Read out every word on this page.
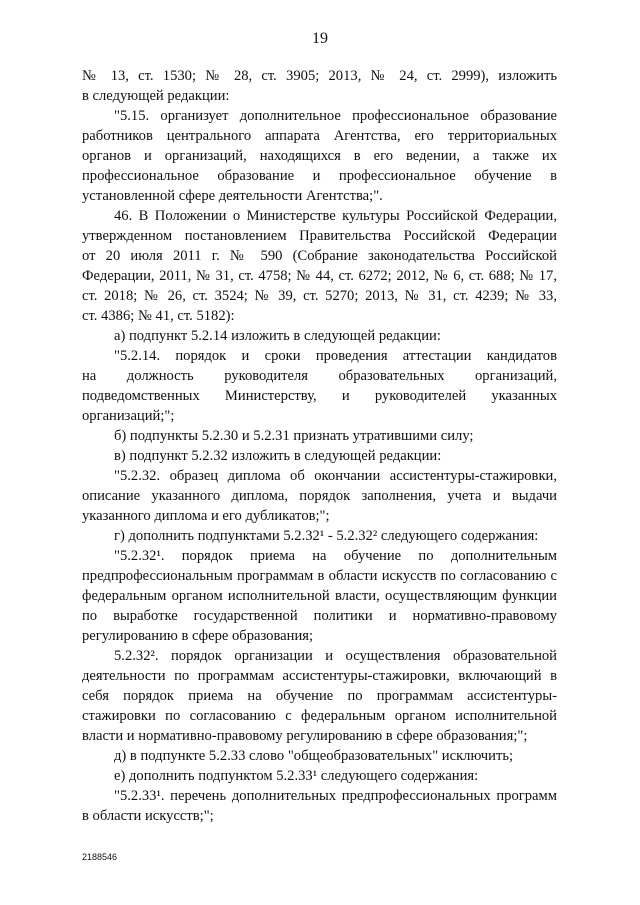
19

№ 13, ст. 1530; № 28, ст. 3905; 2013, № 24, ст. 2999), изложить

в следующей редакции:

"5.15. организует дополнительное профессиональное образование

работников центрального аппарата Агентства, его территориальных

органов и организаций, находящихся в его ведении, а также их

профессиональное образование и профессиональное обучение в

установленной сфере деятельности Агентства;".

46. В Положении о Министерстве культуры Российской Федерации,

утвержденном постановлением Правительства Российской Федерации

от 20 июля 2011 г. № 590 (Собрание законодательства Российской

Федерации, 2011, № 31, ст. 4758; № 44, ст. 6272; 2012, № 6, ст. 688; № 17,

ст. 2018; № 26, ст. 3524; № 39, ст. 5270; 2013, № 31, ст. 4239; № 33,

ст. 4386; № 41, ст. 5182):

а) подпункт 5.2.14 изложить в следующей редакции:

"5.2.14. порядок и сроки проведения аттестации кандидатов

на должность руководителя образовательных организаций,

подведомственных Министерству, и руководителей указанных

организаций;";

б) подпункты 5.2.30 и 5.2.31 признать утратившими силу;

в) подпункт 5.2.32 изложить в следующей редакции:

"5.2.32. образец диплома об окончании ассистентуры-стажировки,

описание указанного диплома, порядок заполнения, учета и выдачи

указанного диплома и его дубликатов;";

г) дополнить подпунктами 5.2.32¹ - 5.2.32² следующего содержания:

"5.2.32¹. порядок приема на обучение по дополнительным

предпрофессиональным программам в области искусств по согласованию с

федеральным органом исполнительной власти, осуществляющим функции

по выработке государственной политики и нормативно-правовому

регулированию в сфере образования;

5.2.32². порядок организации и осуществления образовательной

деятельности по программам ассистентуры-стажировки, включающий в

себя порядок приема на обучение по программам ассистентуры-

стажировки по согласованию с федеральным органом исполнительной

власти и нормативно-правовому регулированию в сфере образования;";

д) в подпункте 5.2.33 слово "общеобразовательных" исключить;

е) дополнить подпунктом 5.2.33¹ следующего содержания:

"5.2.33¹. перечень дополнительных предпрофессиональных программ

в области искусств;";

2188546
